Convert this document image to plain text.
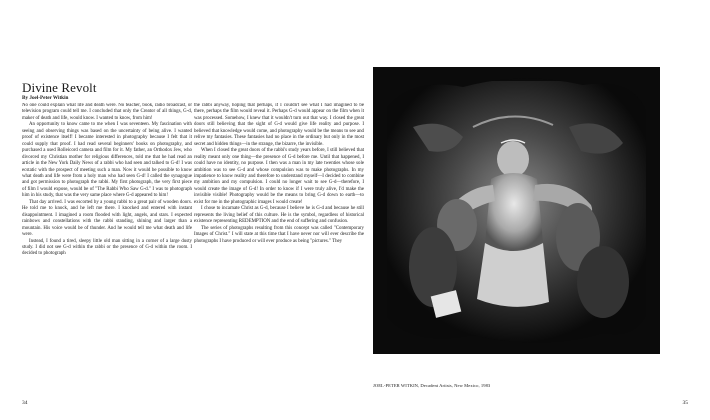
Divine Revolt
By Joel-Peter Witkin

No one could explain what life and death were. No teacher, book, radio broadcast, or television program could tell me. I concluded that only the Creator of all things, G-d, maker of death and life, would know. I wanted to know, from him!

An opportunity to know came to me when I was seventeen. My fascination with seeing and observing things was based on the uncertainty of being alive. I wanted proof of existence itself! I became interested in photography because I felt that it could supply that proof. I had read several beginners' books on photography, and purchased a used Rolleicord camera and film for it. My father, an Orthodox Jew, who divorced my Christian mother for religious differences, told me that he had read an article in the New York Daily News of a rabbi who had seen and talked to G-d! I was ecstatic with the prospect of meeting such a man. Now it would be possible to know what death and life were from a holy man who had seen G-d! I called the synagogue and got permission to photograph the rabbi. My first photograph, the very first piece of film I would expose, would be of "The Rabbi Who Saw G-d." I was to photograph him in his study, that was the very same place where G-d appeared to him!

That day arrived. I was escorted by a young rabbi to a great pair of wooden doors. He told me to knock, and he left me there. I knocked and entered with instant disappointment. I imagined a room flooded with light, angels, and stars. I expected rainbows and constellations with the rabbi standing, shining and larger than a mountain. His voice would be of thunder. And he would tell me what death and life were.

Instead, I found a tired, sleepy little old man sitting in a corner of a large dusty study. I did not see G-d within the rabbi or the presence of G-d within the room. I decided to photograph

the rabbi anyway, hoping that perhaps, if I couldn't see what I had imagined to be there, perhaps the film would reveal it. Perhaps G-d would appear on the film when it was processed. Somehow, I knew that it wouldn't turn out that way. I closed the great doors still believing that the sight of G-d would give life reality and purpose. I believed that knowledge would come, and photography would be the means to see and relive my fantasies. These fantasies had no place in the ordinary but only in the most secret and hidden things—in the strange, the bizarre, the invisible.

When I closed the great doors of the rabbi's study years before, I still believed that reality meant only one thing—the presence of G-d before me. Until that happened, I could have no identity, no purpose. I then was a man in my late twenties whose sole ambition was to see G-d and whose compulsion was to make photographs. In my impatience to know reality and therefore to understand myself—I decided to combine my ambition and my compulsion. I could no longer wait to see G-d—therefore, I would create the image of G-d! In order to know if I were truly alive, I'd make the invisible visible! Photography would be the means to bring G-d down to earth—to exist for me in the photographic images I would create!

I chose to incarnate Christ as G-d, because I believe he is G-d and because he still represents the living belief of this culture. He is the symbol, regardless of historical existence representing REDEMPTION and the end of suffering and confusion.

The series of photographs resulting from this concept was called "Contemporary Images of Christ." I will state at this time that I have never nor will ever describe the photographs I have produced or will ever produce as being "pictures." They

34
JOEL-PETER WITKIN, Decadent Artists, New Mexico, 1983
35
